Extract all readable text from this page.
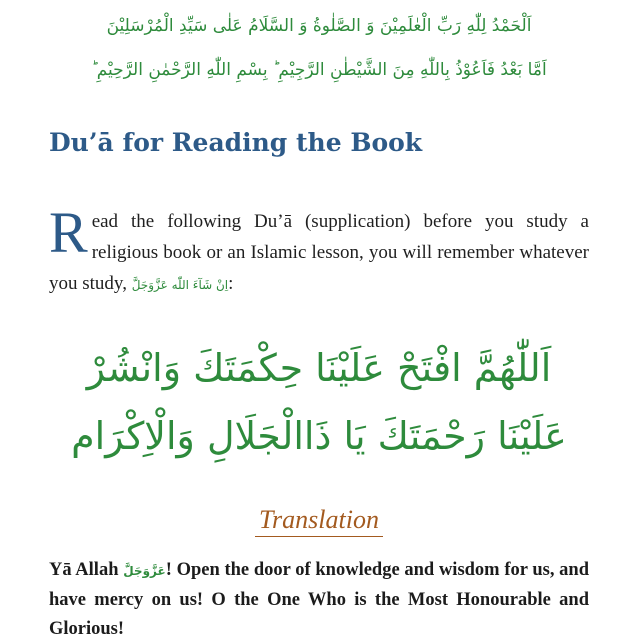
اَلْحَمْدُ لِلّٰهِ رَبِّ الْعٰلَمِيْنَ وَ الصَّلٰوةُ وَ السَّلَامُ عَلٰى سَيِّدِ الْمُرْسَلِيْنَ
اَمَّا بَعْدُ فَاَعُوْذُ بِاللّٰهِ مِنَ الشَّيْطٰنِ الرَّجِيْمِ ؕ بِسْمِ اللّٰهِ الرَّحْمٰنِ الرَّحِيْمِ ؕ
Du’ā for Reading the Book

Read the following Du’ā (supplication) before you study a religious book or an Islamic lesson, you will remember whatever you study, اِنْ شَآءَ اللّٰه عَزَّوَجَلَّ:

اَللّٰهُمَّ افْتَحْ عَلَيْنَا حِكْمَتَكَ وَانْشُرْ
عَلَيْنَا رَحْمَتَكَ يَا ذَاالْجَلَالِ وَالْاِكْرَام
Translation

Yā Allah عَزَّوَجَلَّ! Open the door of knowledge and wisdom for us, and have mercy on us! O the One Who is the Most Honourable and Glorious!
